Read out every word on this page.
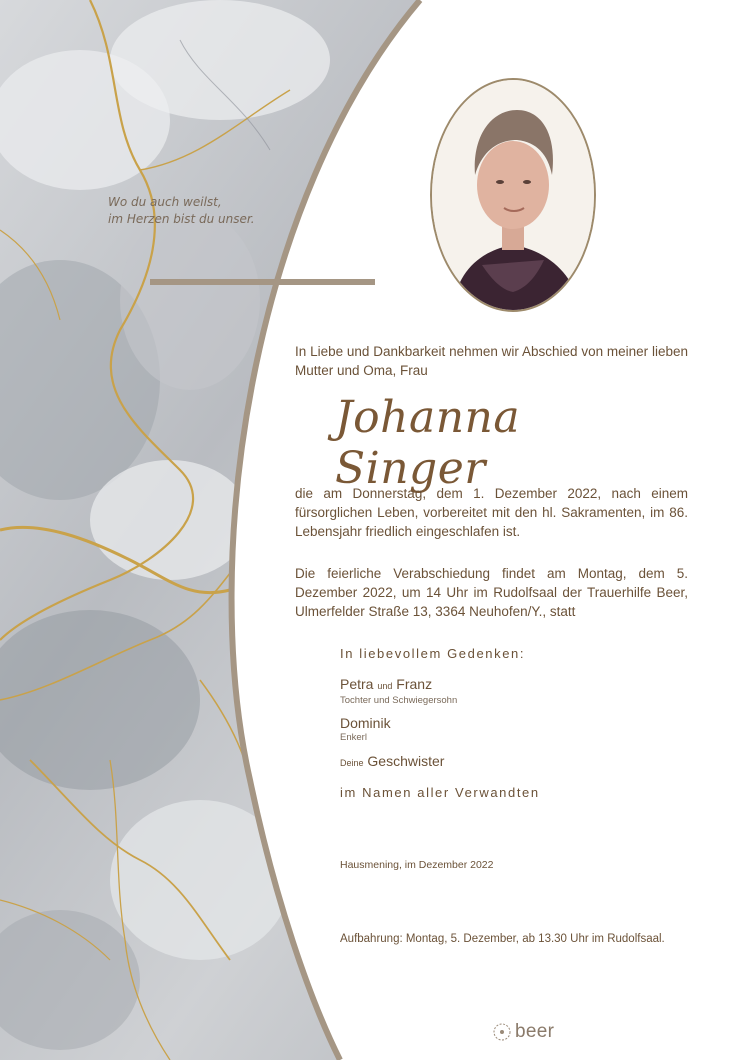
Wo du auch weilst,
im Herzen bist du unser.
In Liebe und Dankbarkeit nehmen wir Abschied von meiner lieben Mutter und Oma, Frau
Johanna Singer
die am Donnerstag, dem 1. Dezember 2022, nach einem fürsorglichen Leben, vorbereitet mit den hl. Sakramenten, im 86. Lebensjahr friedlich eingeschlafen ist.
Die feierliche Verabschiedung findet am Montag, dem 5. Dezember 2022, um 14 Uhr im Rudolfsaal der Trauerhilfe Beer, Ulmerfelder Straße 13, 3364 Neuhofen/Y., statt
In liebevollem Gedenken:
Petra und Franz
Tochter und Schwiegersohn
Dominik
Enkerl
Deine Geschwister
im Namen aller Verwandten
Hausmening, im Dezember 2022
Aufbahrung: Montag, 5. Dezember, ab 13.30 Uhr im Rudolfsaal.
beer
